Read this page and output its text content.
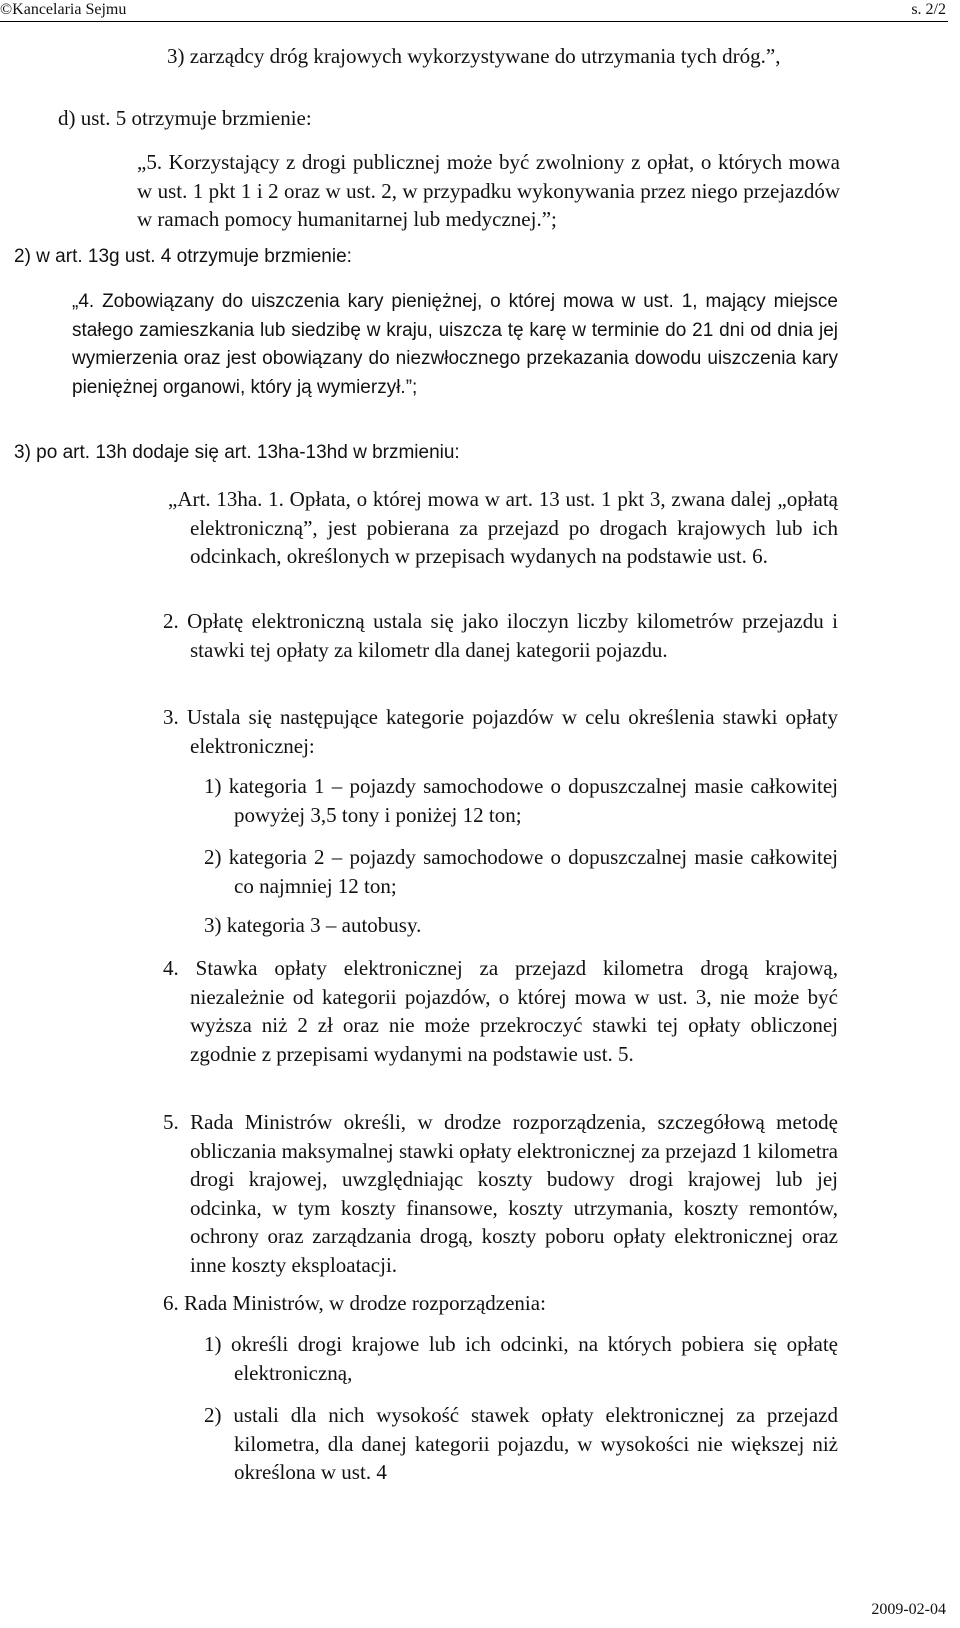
©Kancelaria Sejmu	s. 2/2

3) zarządcy dróg krajowych wykorzystywane do utrzymania tych dróg.”,

d) ust. 5 otrzymuje brzmienie:

„5. Korzystający z drogi publicznej może być zwolniony z opłat, o których mowa w ust. 1 pkt 1 i 2 oraz w ust. 2, w przypadku wykonywania przez niego przejazdów w ramach pomocy humanitarnej lub medycznej.”;

2) w art. 13g ust. 4 otrzymuje brzmienie:

„4. Zobowiązany do uiszczenia kary pieniężnej, o której mowa w ust. 1, mający miejsce stałego zamieszkania lub siedzibę w kraju, uiszcza tę karę w terminie do 21 dni od dnia jej wymierzenia oraz jest obowiązany do niezwłocznego przekazania dowodu uiszczenia kary pieniężnej organowi, który ją wymierzył.”;

3) po art. 13h dodaje się art. 13ha-13hd w brzmieniu:

„Art. 13ha. 1. Opłata, o której mowa w art. 13 ust. 1 pkt 3, zwana dalej „opłatą elektroniczną”, jest pobierana za przejazd po drogach krajowych lub ich odcinkach, określonych w przepisach wydanych na podstawie ust. 6.

2. Opłatę elektroniczną ustala się jako iloczyn liczby kilometrów przejazdu i stawki tej opłaty za kilometr dla danej kategorii pojazdu.

3. Ustala się następujące kategorie pojazdów w celu określenia stawki opłaty elektronicznej:

1) kategoria 1 – pojazdy samochodowe o dopuszczalnej masie całkowitej powyżej 3,5 tony i poniżej 12 ton;

2) kategoria 2 – pojazdy samochodowe o dopuszczalnej masie całkowitej co najmniej 12 ton;

3) kategoria 3 – autobusy.

4. Stawka opłaty elektronicznej za przejazd kilometra drogą krajową, niezależnie od kategorii pojazdów, o której mowa w ust. 3, nie może być wyższa niż 2 zł oraz nie może przekroczyć stawki tej opłaty obliczonej zgodnie z przepisami wydanymi na podstawie ust. 5.

5. Rada Ministrów określi, w drodze rozporządzenia, szczegółową metodę obliczania maksymalnej stawki opłaty elektronicznej za przejazd 1 kilometra drogi krajowej, uwzględniając koszty budowy drogi krajowej lub jej odcinka, w tym koszty finansowe, koszty utrzymania, koszty remontów, ochrony oraz zarządzania drogą, koszty poboru opłaty elektronicznej oraz inne koszty eksploatacji.

6. Rada Ministrów, w drodze rozporządzenia:

1) określi drogi krajowe lub ich odcinki, na których pobiera się opłatę elektroniczną,

2) ustali dla nich wysokość stawek opłaty elektronicznej za przejazd kilometra, dla danej kategorii pojazdu, w wysokości nie większej niż określona w ust. 4

2009-02-04
